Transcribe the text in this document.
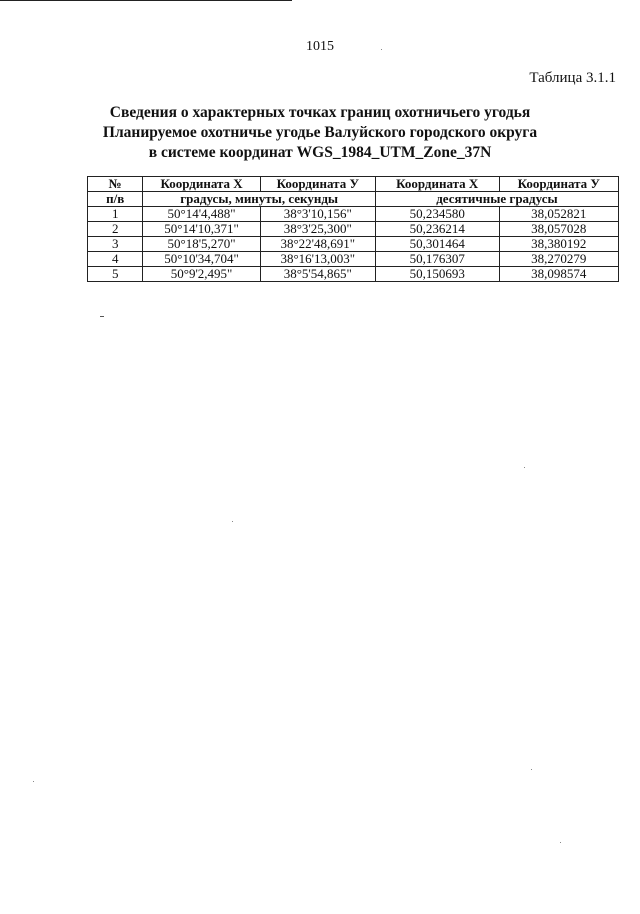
1015
Таблица 3.1.1
Сведения о характерных точках границ охотничьего угодья
Планируемое охотничье угодье Валуйского городского округа
в системе координат WGS_1984_UTM_Zone_37N
№	Координата X	Координата У	Координата X	Координата У
п/в	градусы, минуты, секунды		десятичные градусы	
1	50°14'4,488"	38°3'10,156"	50,234580	38,052821
2	50°14'10,371"	38°3'25,300"	50,236214	38,057028
3	50°18'5,270"	38°22'48,691"	50,301464	38,380192
4	50°10'34,704"	38°16'13,003"	50,176307	38,270279
5	50°9'2,495"	38°5'54,865"	50,150693	38,098574
